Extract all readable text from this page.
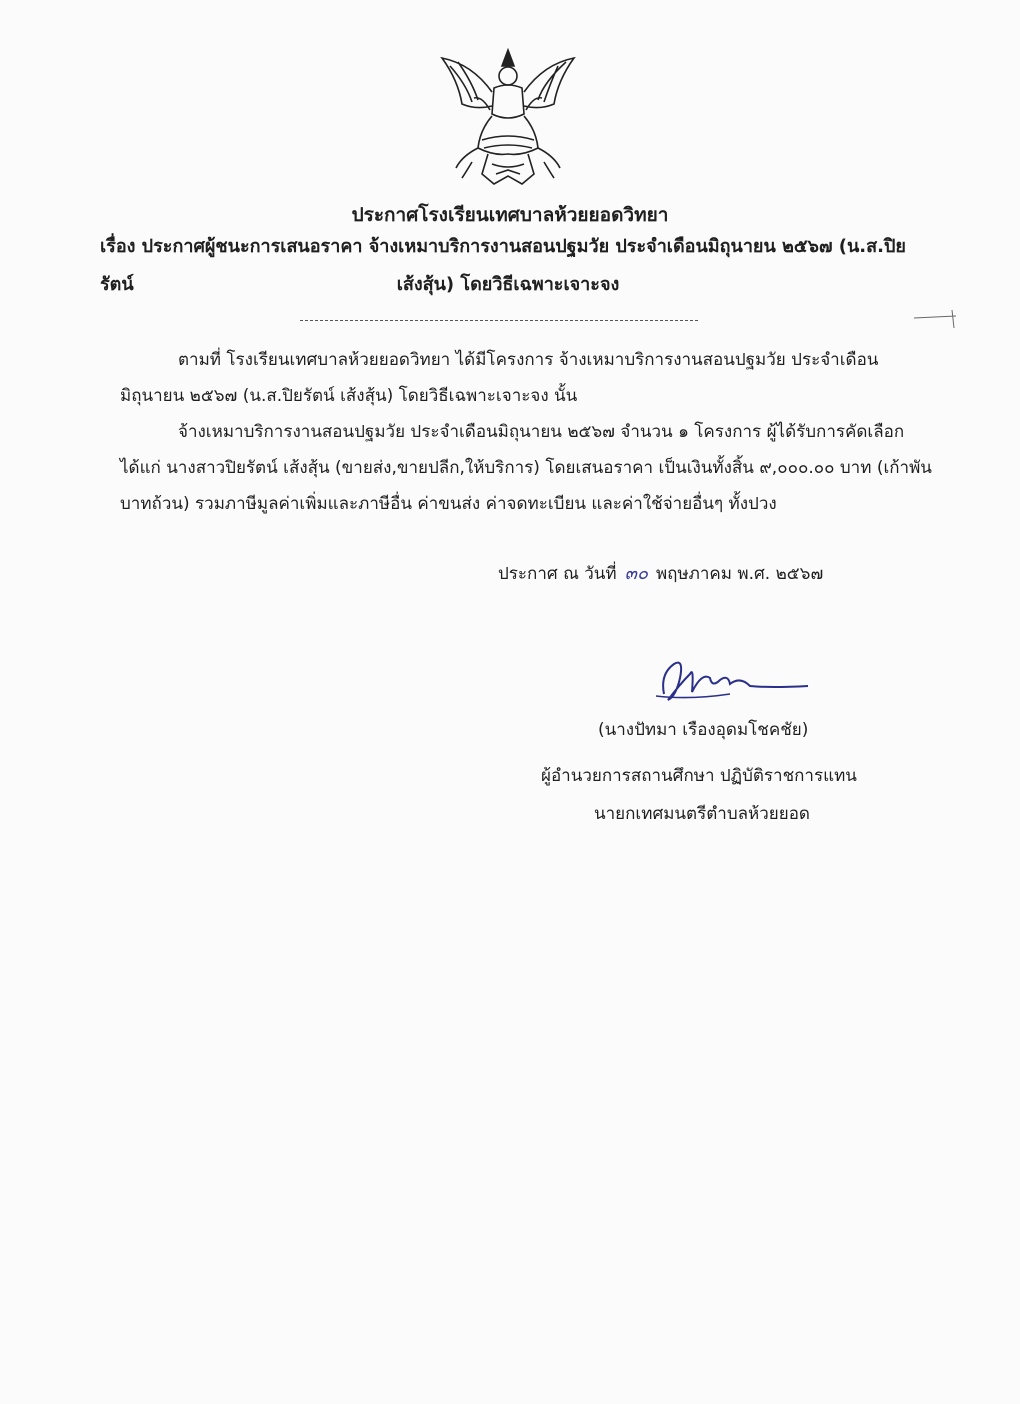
ประกาศโรงเรียนเทศบาลห้วยยอดวิทยา
เรื่อง ประกาศผู้ชนะการเสนอราคา จ้างเหมาบริการงานสอนปฐมวัย ประจำเดือนมิถุนายน ๒๕๖๗ (น.ส.ปิยรัตน์	เส้งสุ้น) โดยวิธีเฉพาะเจาะจง
ตามที่ โรงเรียนเทศบาลห้วยยอดวิทยา ได้มีโครงการ จ้างเหมาบริการงานสอนปฐมวัย ประจำเดือน
มิถุนายน ๒๕๖๗ (น.ส.ปิยรัตน์ เส้งสุ้น) โดยวิธีเฉพาะเจาะจง นั้น
จ้างเหมาบริการงานสอนปฐมวัย ประจำเดือนมิถุนายน ๒๕๖๗ จำนวน ๑ โครงการ ผู้ได้รับการคัดเลือก
ได้แก่ นางสาวปิยรัตน์ เส้งสุ้น (ขายส่ง,ขายปลีก,ให้บริการ) โดยเสนอราคา เป็นเงินทั้งสิ้น ๙,๐๐๐.๐๐ บาท (เก้าพัน
บาทถ้วน) รวมภาษีมูลค่าเพิ่มและภาษีอื่น ค่าขนส่ง ค่าจดทะเบียน และค่าใช้จ่ายอื่นๆ ทั้งปวง
ประกาศ ณ วันที่ ๓๐ พฤษภาคม พ.ศ. ๒๕๖๗
(นางปัทมา เรืองอุดมโชคชัย)
ผู้อำนวยการสถานศึกษา ปฏิบัติราชการแทน
นายกเทศมนตรีตำบลห้วยยอด
